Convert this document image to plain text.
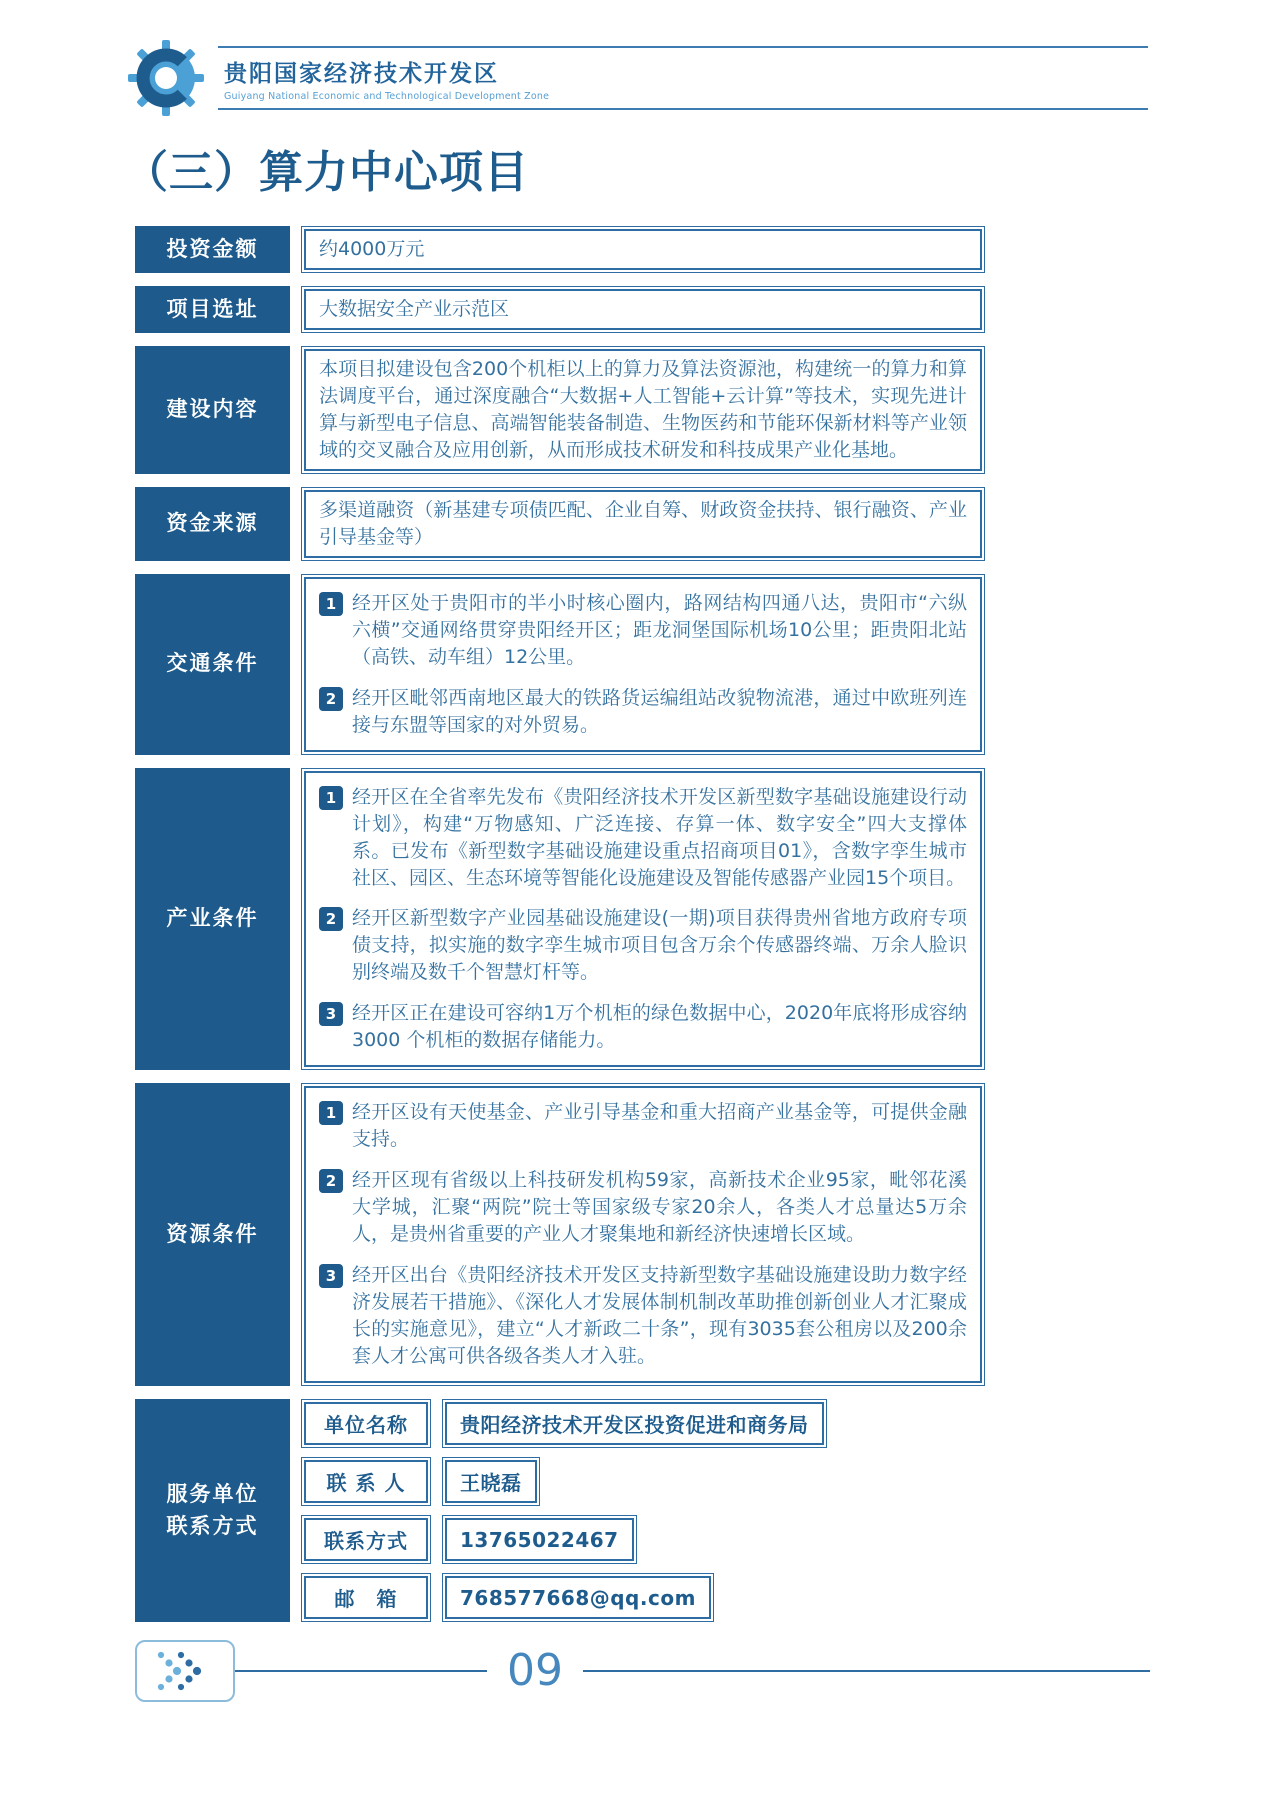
贵阳国家经济技术开发区
Guiyang National Economic and Technological Development Zone
（三）算力中心项目
投资金额	约4000万元
项目选址	大数据安全产业示范区
建设内容
本项目拟建设包含200个机柜以上的算力及算法资源池，构建统一的算力和算法调度平台，通过深度融合“大数据+人工智能+云计算”等技术，实现先进计算与新型电子信息、高端智能装备制造、生物医药和节能环保新材料等产业领域的交叉融合及应用创新，从而形成技术研发和科技成果产业化基地。
资金来源
多渠道融资（新基建专项债匹配、企业自筹、财政资金扶持、银行融资、产业引导基金等）
交通条件
1 经开区处于贵阳市的半小时核心圈内，路网结构四通八达，贵阳市“六纵六横”交通网络贯穿贵阳经开区；距龙洞堡国际机场10公里；距贵阳北站（高铁、动车组）12公里。
2 经开区毗邻西南地区最大的铁路货运编组站改貌物流港，通过中欧班列连接与东盟等国家的对外贸易。
产业条件
1 经开区在全省率先发布《贵阳经济技术开发区新型数字基础设施建设行动计划》，构建“万物感知、广泛连接、存算一体、数字安全”四大支撑体系。已发布《新型数字基础设施建设重点招商项目01》，含数字孪生城市社区、园区、生态环境等智能化设施建设及智能传感器产业园15个项目。
2 经开区新型数字产业园基础设施建设(一期)项目获得贵州省地方政府专项债支持，拟实施的数字孪生城市项目包含万余个传感器终端、万余人脸识别终端及数千个智慧灯杆等。
3 经开区正在建设可容纳1万个机柜的绿色数据中心，2020年底将形成容纳3000 个机柜的数据存储能力。
资源条件
1 经开区设有天使基金、产业引导基金和重大招商产业基金等，可提供金融支持。
2 经开区现有省级以上科技研发机构59家，高新技术企业95家，毗邻花溪大学城，汇聚“两院”院士等国家级专家20余人，各类人才总量达5万余人，是贵州省重要的产业人才聚集地和新经济快速增长区域。
3 经开区出台《贵阳经济技术开发区支持新型数字基础设施建设助力数字经济发展若干措施》、《深化人才发展体制机制改革助推创新创业人才汇聚成长的实施意见》，建立“人才新政二十条”，现有3035套公租房以及200余套人才公寓可供各级各类人才入驻。
服务单位
联系方式
单位名称	贵阳经济技术开发区投资促进和商务局
联 系 人	王晓磊
联系方式	13765022467
邮　箱	768577668@qq.com
09
